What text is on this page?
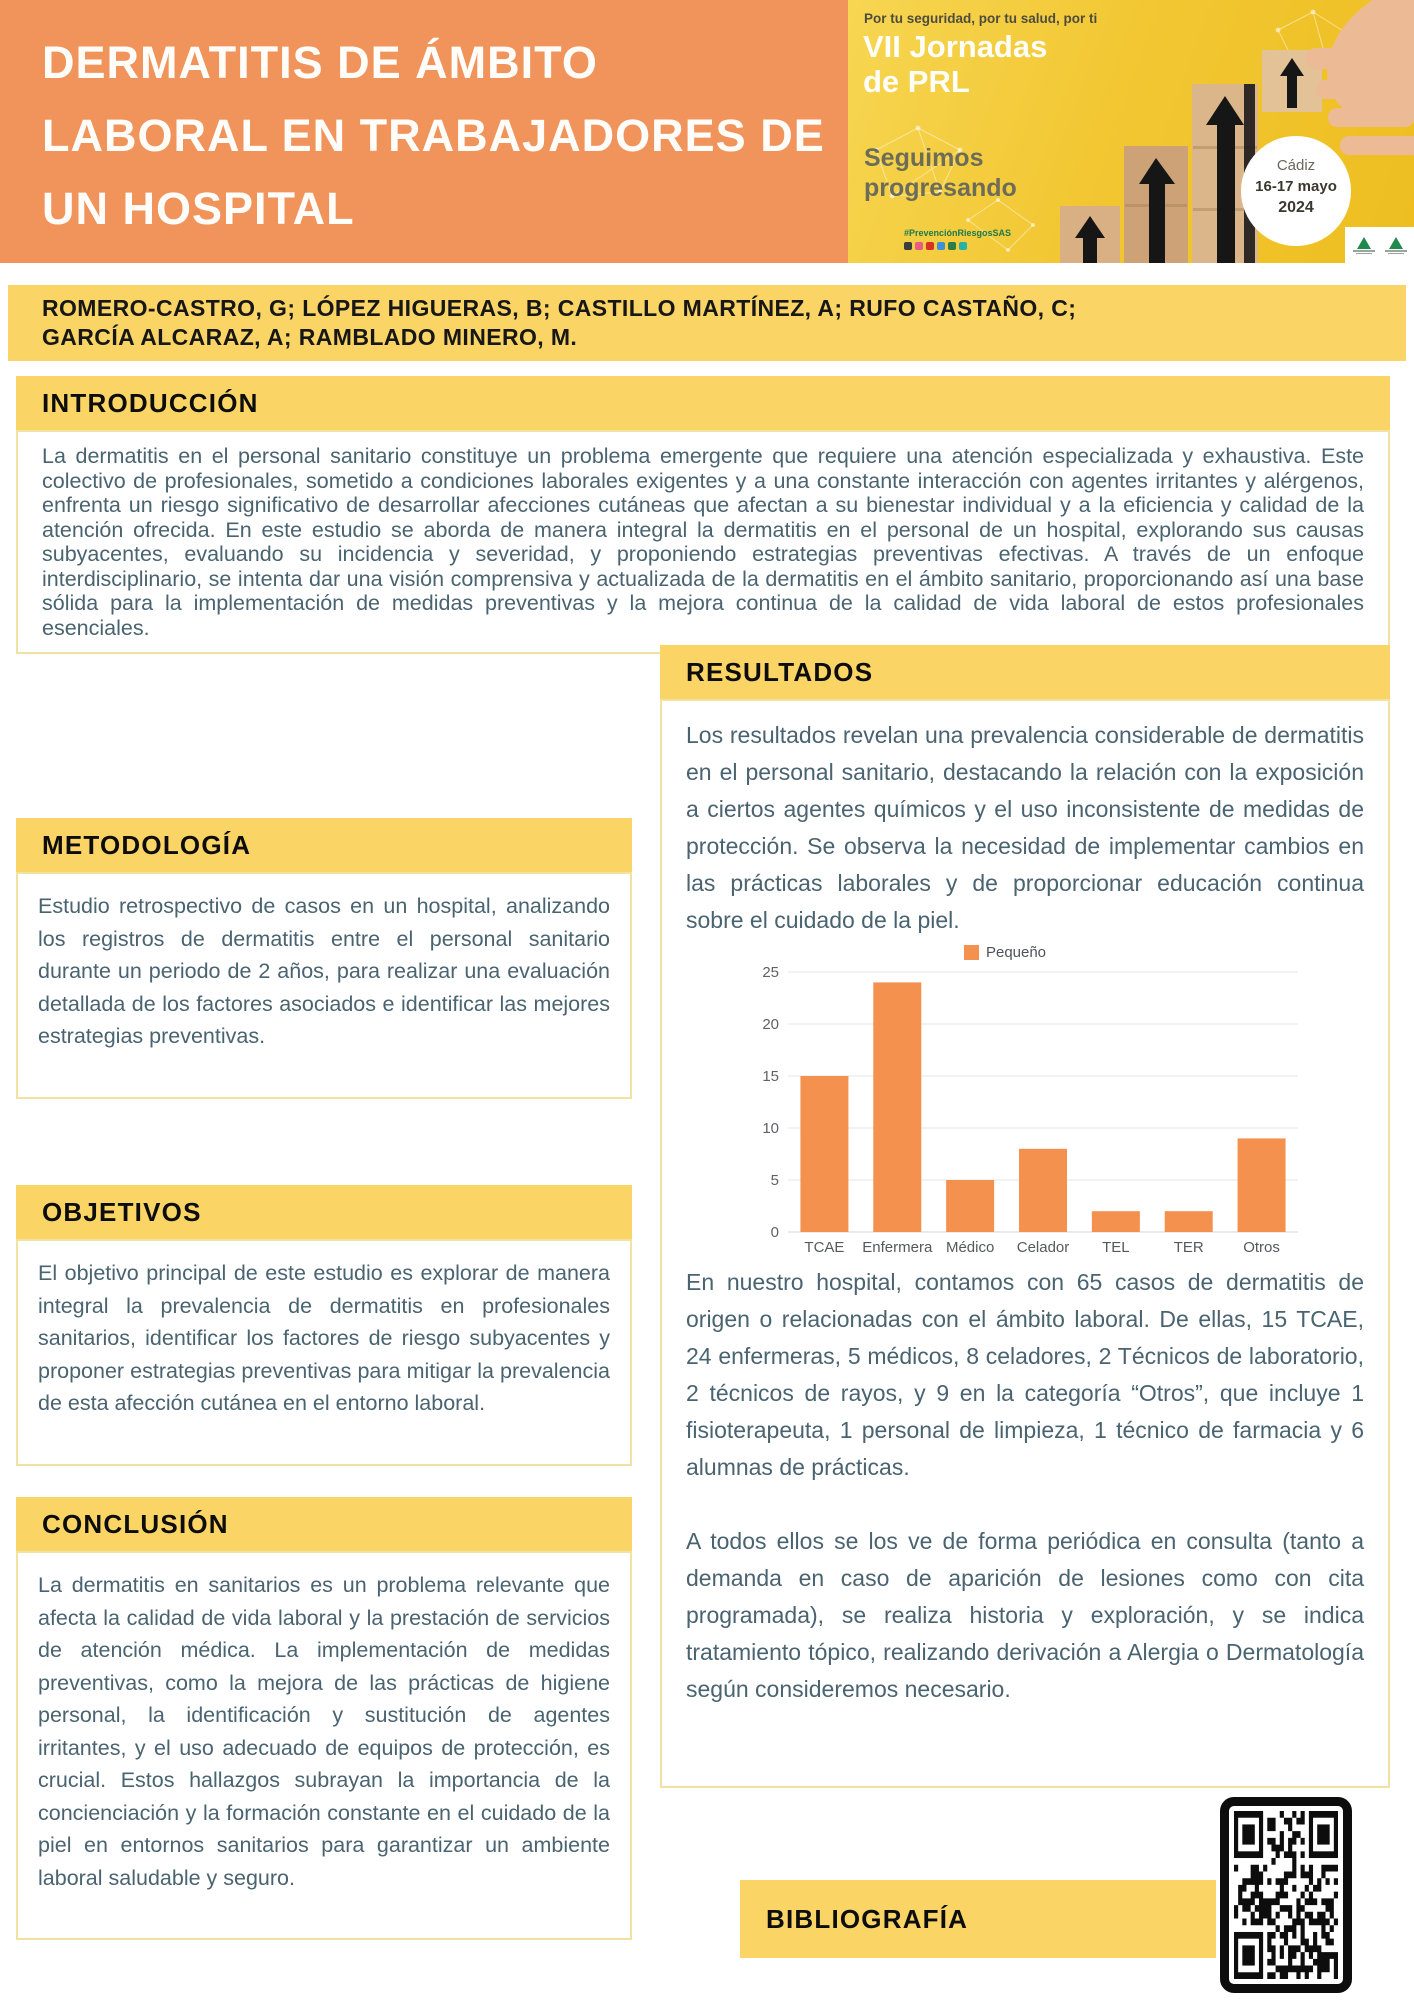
DERMATITIS DE ÁMBITO
LABORAL EN TRABAJADORES DE
UN HOSPITAL
Por tu seguridad, por tu salud, por ti
VII Jornadas
de PRL
Seguimos
progresando
Cádiz
16-17 mayo
2024
#PrevenciónRiesgosSAS
ROMERO-CASTRO, G; LÓPEZ HIGUERAS, B; CASTILLO MARTÍNEZ, A; RUFO CASTAÑO, C;
GARCÍA ALCARAZ, A; RAMBLADO MINERO, M.
INTRODUCCIÓN

La dermatitis en el personal sanitario constituye un problema emergente que requiere una atención especializada y exhaustiva. Este colectivo de profesionales, sometido a condiciones laborales exigentes y a una constante interacción con agentes irritantes y alérgenos, enfrenta un riesgo significativo de desarrollar afecciones cutáneas que afectan a su bienestar individual y a la eficiencia y calidad de la atención ofrecida. En este estudio se aborda de manera integral la dermatitis en el personal de un hospital, explorando sus causas subyacentes, evaluando su incidencia y severidad, y proponiendo estrategias preventivas efectivas. A través de un enfoque interdisciplinario, se intenta dar una visión comprensiva y actualizada de la dermatitis en el ámbito sanitario, proporcionando así una base sólida para la implementación de medidas preventivas y la mejora continua de la calidad de vida laboral de estos profesionales esenciales.

METODOLOGÍA

Estudio retrospectivo de casos en un hospital, analizando los registros de dermatitis entre el personal sanitario durante un periodo de 2 años, para realizar una evaluación detallada de los factores asociados e identificar las mejores estrategias preventivas.

OBJETIVOS

El objetivo principal de este estudio es explorar de manera integral la prevalencia de dermatitis en profesionales sanitarios, identificar los factores de riesgo subyacentes y proponer estrategias preventivas para mitigar la prevalencia de esta afección cutánea en el entorno laboral.

CONCLUSIÓN

La dermatitis en sanitarios es un problema relevante que afecta la calidad de vida laboral y la prestación de servicios de atención médica. La implementación de medidas preventivas, como la mejora de las prácticas de higiene personal, la identificación y sustitución de agentes irritantes, y el uso adecuado de equipos de protección, es crucial. Estos hallazgos subrayan la importancia de la concienciación y la formación constante en el cuidado de la piel en entornos sanitarios para garantizar un ambiente laboral saludable y seguro.

RESULTADOS

Los resultados revelan una prevalencia considerable de dermatitis en el personal sanitario, destacando la relación con la exposición a ciertos agentes químicos y el uso inconsistente de medidas de protección. Se observa la necesidad de implementar cambios en las prácticas laborales y de proporcionar educación continua sobre el cuidado de la piel.

Pequeño
0
5
10
15
20
25
TCAE Enfermera Médico Celador TEL	TER	Otros

En nuestro hospital, contamos con 65 casos de dermatitis de origen o relacionadas con el ámbito laboral. De ellas, 15 TCAE, 24 enfermeras, 5 médicos, 8 celadores, 2 Técnicos de laboratorio, 2 técnicos de rayos, y 9 en la categoría “Otros”, que incluye 1 fisioterapeuta, 1 personal de limpieza, 1 técnico de farmacia y 6 alumnas de prácticas.

A todos ellos se los ve de forma periódica en consulta (tanto a demanda en caso de aparición de lesiones como con cita programada), se realiza historia y exploración, y se indica tratamiento tópico, realizando derivación a Alergia o Dermatología según consideremos necesario.

BIBLIOGRAFÍA
